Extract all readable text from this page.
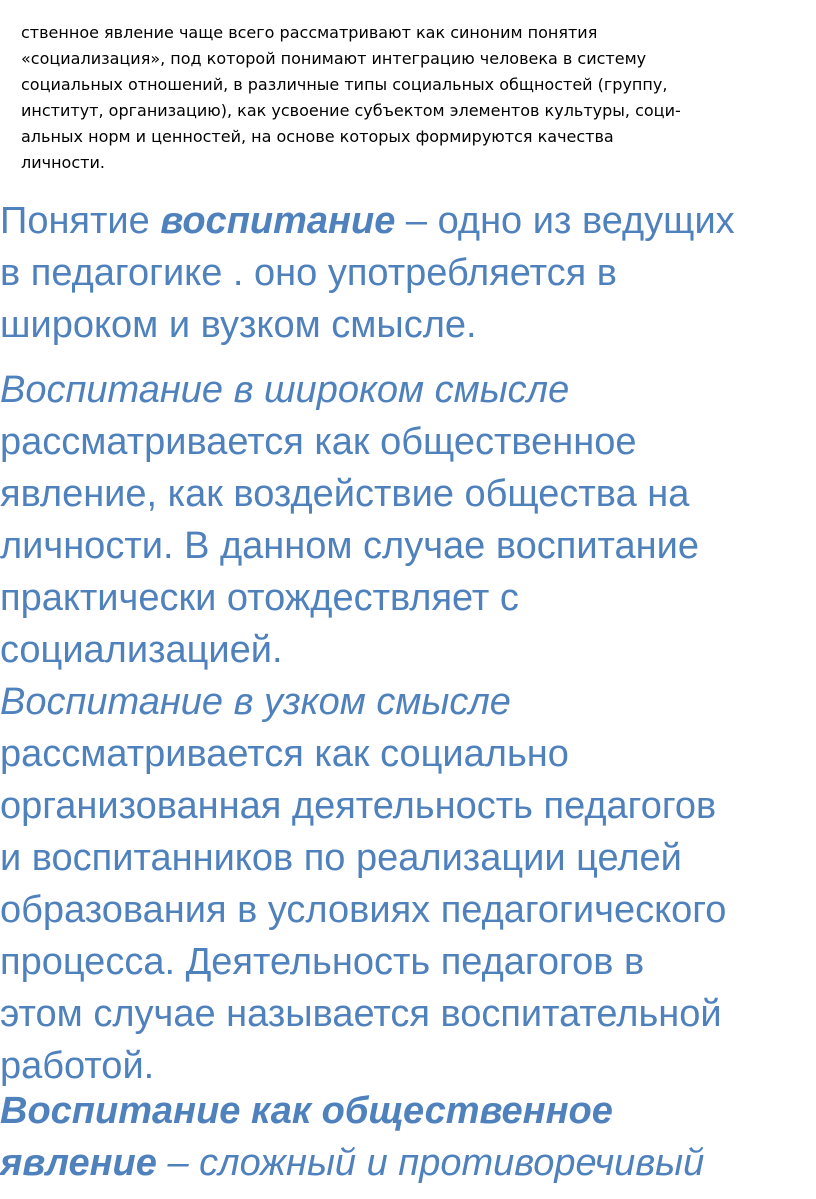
ственное явление чаще всего рассматривают как синоним понятия
«социализация», под которой понимают интеграцию человека в систему
социальных отношений, в различные типы социальных общностей (группу,
институт, организацию), как усвоение субъектом элементов культуры, соци-
альных норм и ценностей, на основе которых формируются качества
личности.
Понятие воспитание – одно из ведущих
в педагогике . оно употребляется в
широком и вузком смысле.
Воспитание в широком смысле
рассматривается как общественное
явление, как воздействие общества на
личности. В данном случае воспитание
практически отождествляет с
социализацией.
Воспитание в узком смысле
рассматривается как социально
организованная деятельность педагогов
и воспитанников по реализации целей
образования в условиях педагогического
процесса. Деятельность педагогов в
этом случае называется воспитательной
работой.
Воспитание как общественное
явление – сложный и противоречивый
